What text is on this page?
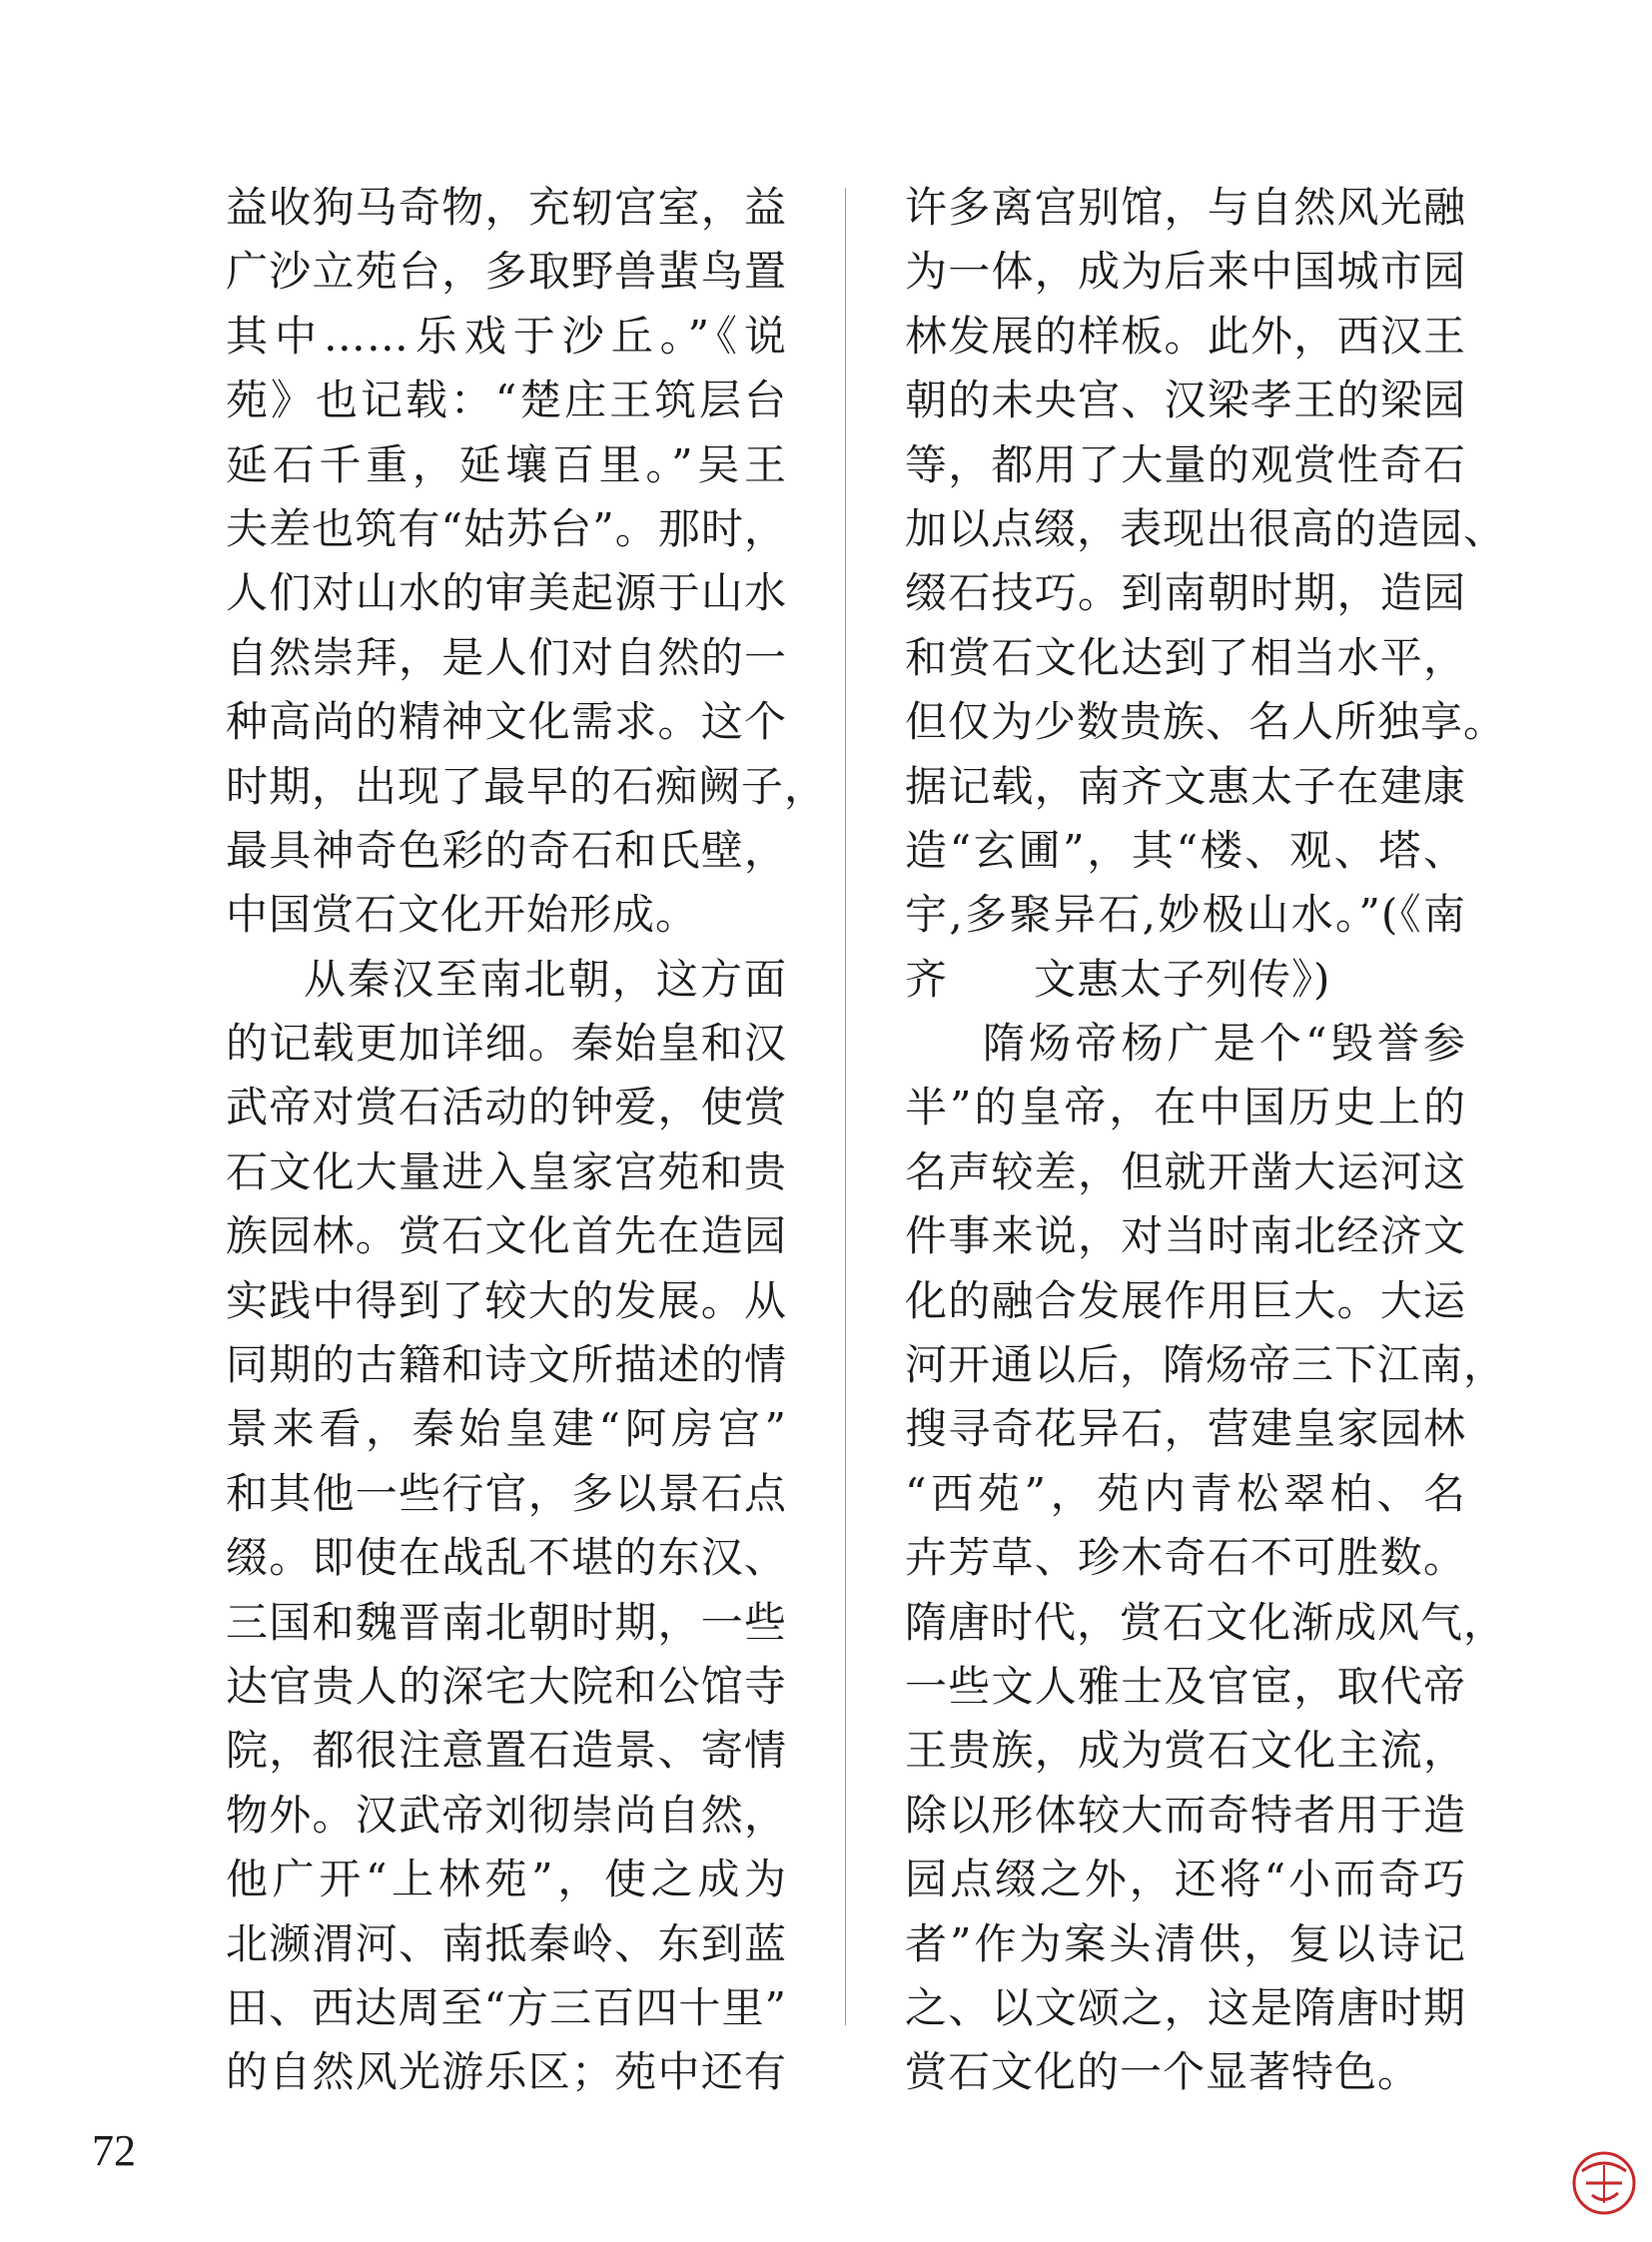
益收狗马奇物，充轫宫室，益
广沙立苑台，多取野兽蜚鸟置
其中……乐戏于沙丘。”《说
苑》也记载：“楚庄王筑层台
延石千重，延壤百里。”吴王
夫差也筑有“姑苏台”。那时，
人们对山水的审美起源于山水
自然崇拜，是人们对自然的一
种高尚的精神文化需求。这个
时期，出现了最早的石痴阙子，
最具神奇色彩的奇石和氏壁，
中国赏石文化开始形成。
从秦汉至南北朝，这方面
的记载更加详细。秦始皇和汉
武帝对赏石活动的钟爱，使赏
石文化大量进入皇家宫苑和贵
族园林。赏石文化首先在造园
实践中得到了较大的发展。从
同期的古籍和诗文所描述的情
景来看，秦始皇建“阿房宫”
和其他一些行官，多以景石点
缀。即使在战乱不堪的东汉、
三国和魏晋南北朝时期，一些
达官贵人的深宅大院和公馆寺
院，都很注意置石造景、寄情
物外。汉武帝刘彻崇尚自然，
他广开“上林苑”，使之成为
北濒渭河、南抵秦岭、东到蓝
田、西达周至“方三百四十里”
的自然风光游乐区；苑中还有
许多离宫别馆，与自然风光融
为一体，成为后来中国城市园
林发展的样板。此外，西汉王
朝的未央宫、汉梁孝王的梁园
等，都用了大量的观赏性奇石
加以点缀，表现出很高的造园、
缀石技巧。到南朝时期，造园
和赏石文化达到了相当水平，
但仅为少数贵族、名人所独享。
据记载，南齐文惠太子在建康
造“玄圃”，其“楼、观、塔、
宇,多聚异石,妙极山水。”(《南
齐　　文惠太子列传》)
隋炀帝杨广是个“毁誉参
半”的皇帝，在中国历史上的
名声较差，但就开凿大运河这
件事来说，对当时南北经济文
化的融合发展作用巨大。大运
河开通以后，隋炀帝三下江南，
搜寻奇花异石，营建皇家园林
“西苑”，苑内青松翠柏、名
卉芳草、珍木奇石不可胜数。
隋唐时代，赏石文化渐成风气，
一些文人雅士及官宦，取代帝
王贵族，成为赏石文化主流，
除以形体较大而奇特者用于造
园点缀之外，还将“小而奇巧
者”作为案头清供，复以诗记
之、以文颂之，这是隋唐时期
赏石文化的一个显著特色。
72
